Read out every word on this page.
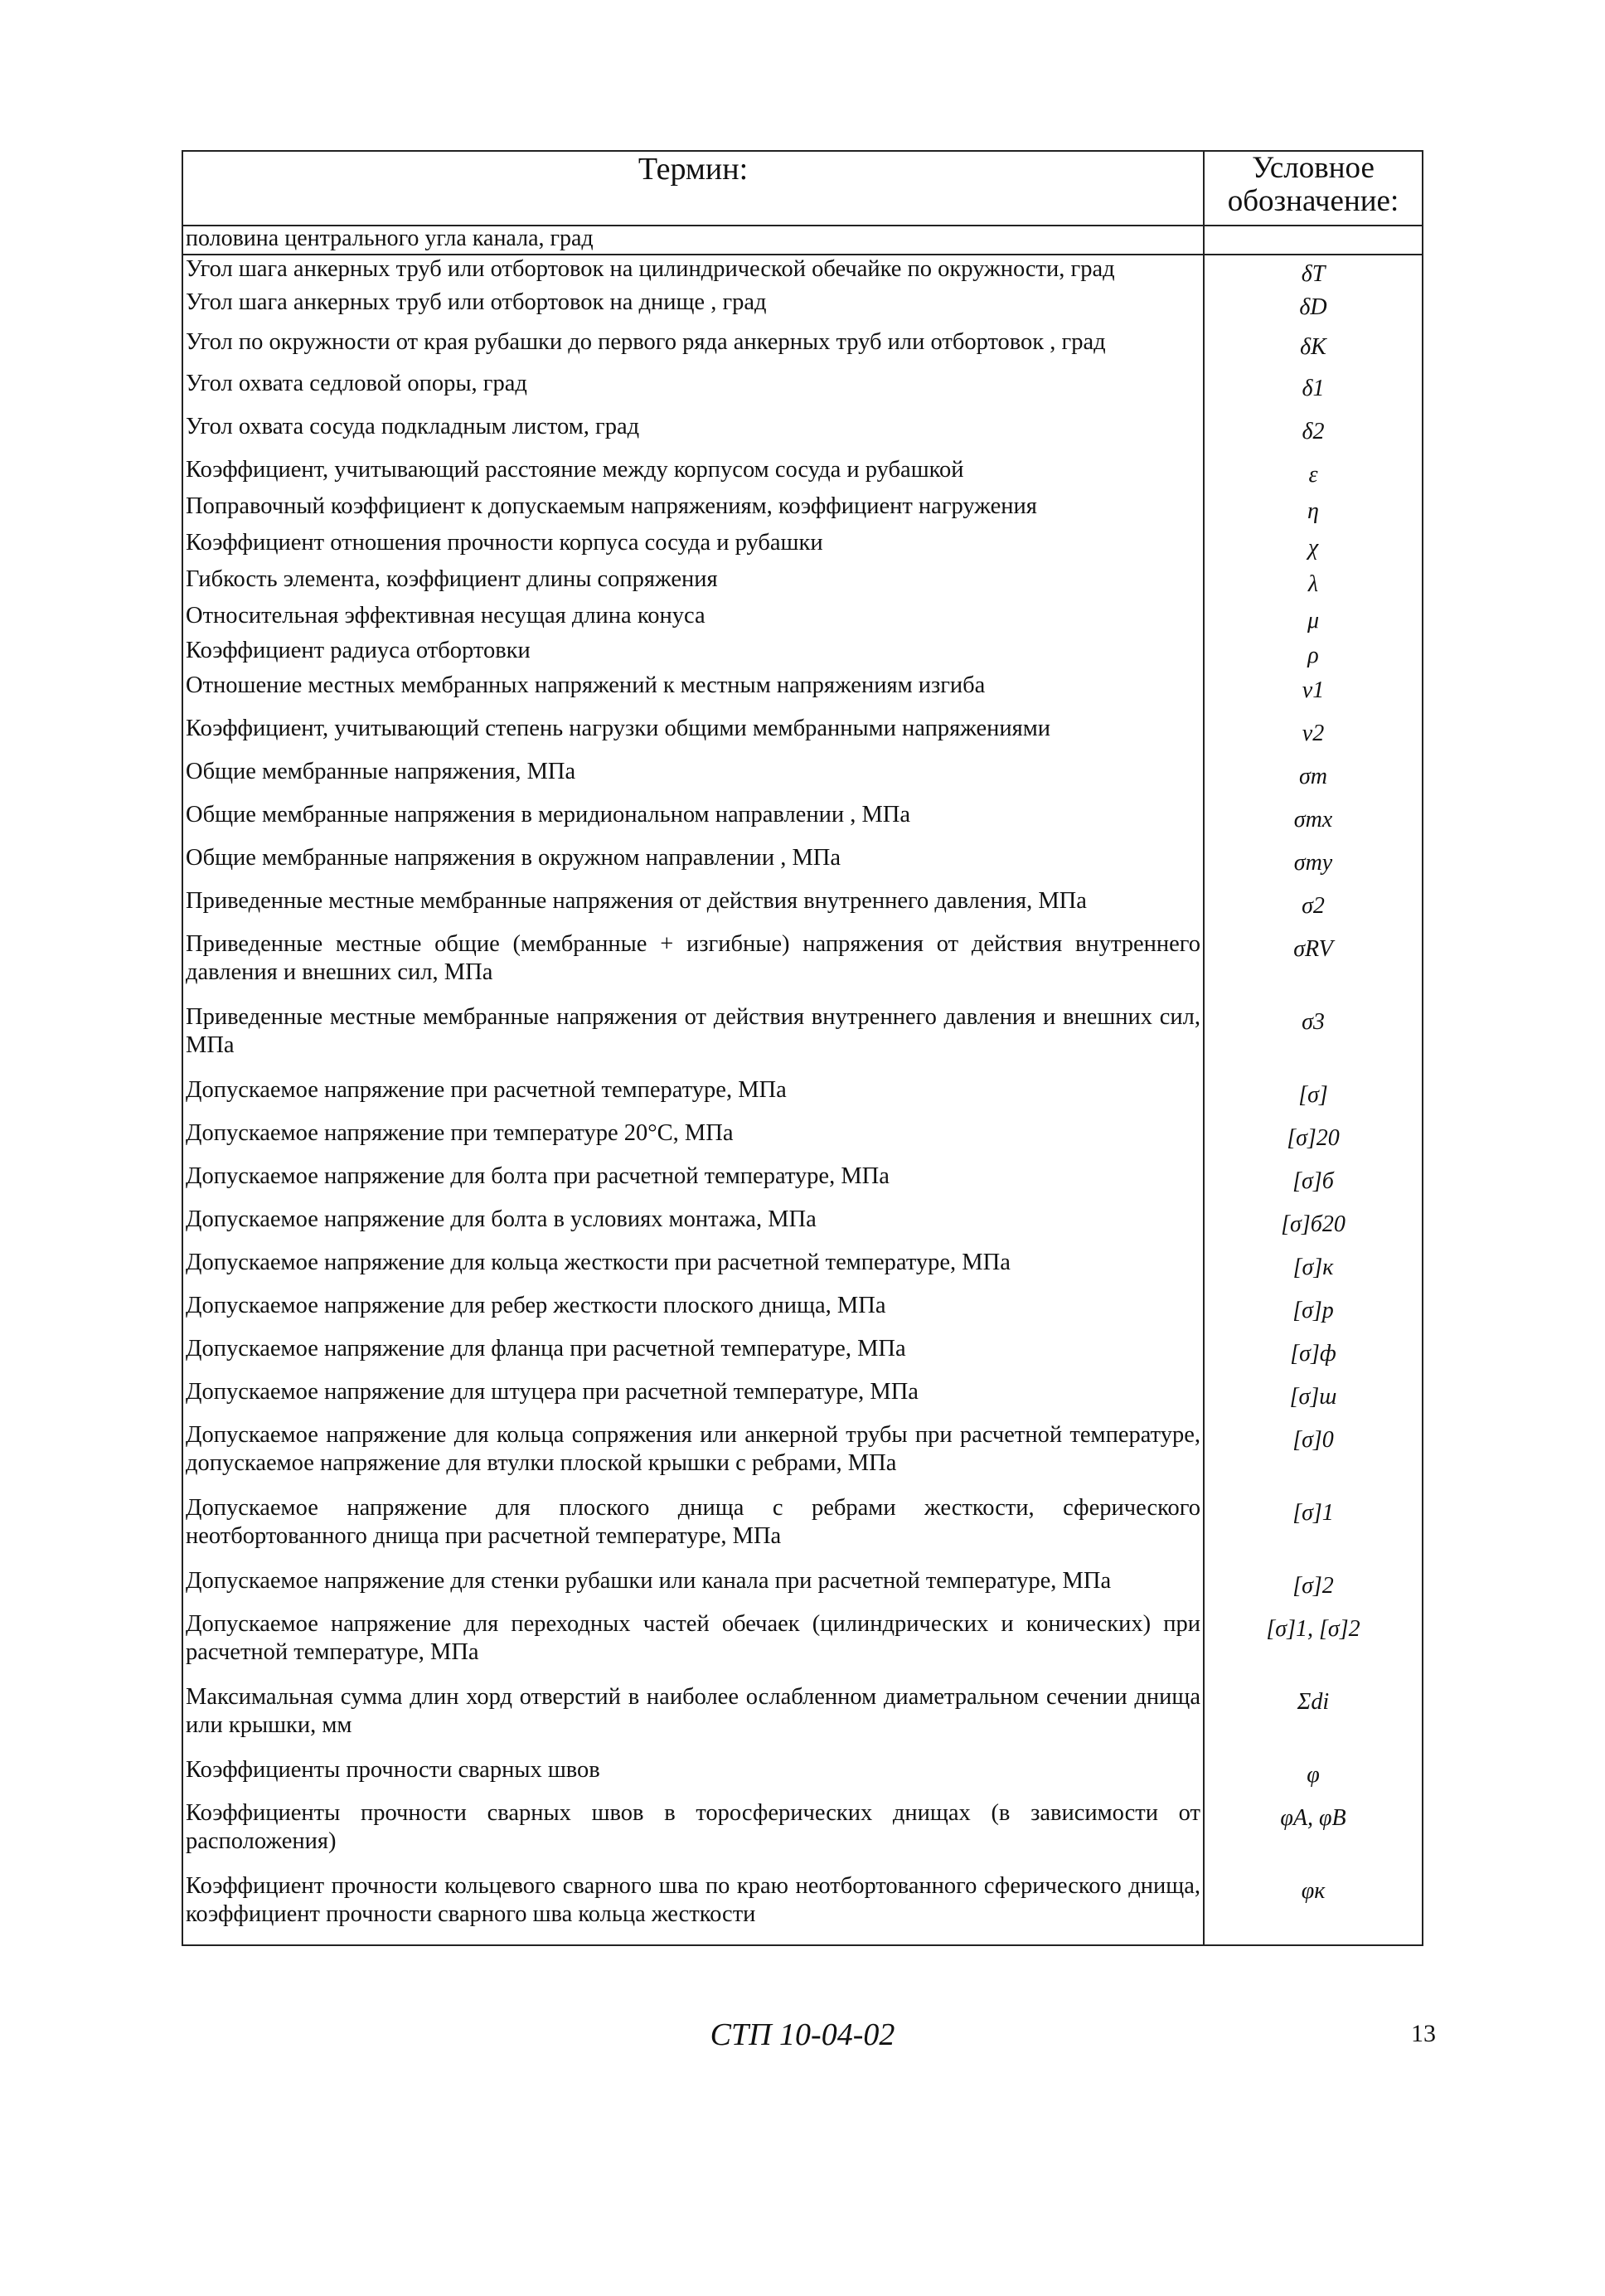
Термин:	Условное обозначение:
половина центрального угла канала, град	
Угол шага анкерных труб или отбортовок на цилиндрической обечайке по окружности, град	δT
Угол шага анкерных труб или отбортовок на днище , град	δD
Угол по окружности от края рубашки до первого ряда анкерных труб или отбортовок , град	δK
Угол охвата седловой опоры, град	δ1
Угол охвата сосуда подкладным листом, град	δ2
Коэффициент, учитывающий расстояние между корпусом сосуда и рубашкой	ε
Поправочный коэффициент к допускаемым напряжениям, коэффициент нагружения	η
Коэффициент отношения прочности корпуса сосуда и рубашки	χ
Гибкость элемента, коэффициент длины сопряжения	λ
Относительная эффективная несущая длина конуса	μ
Коэффициент радиуса отбортовки	ρ
Отношение местных мембранных напряжений к местным напряжениям изгиба	ν1
Коэффициент, учитывающий степень нагрузки общими мембранными напряжениями	ν2
Общие мембранные напряжения, МПа	σm
Общие мембранные напряжения в меридиональном направлении , МПа	σmx
Общие мембранные напряжения в окружном направлении , МПа	σmy
Приведенные местные мембранные напряжения от действия внутреннего давления, МПа	σ2
Приведенные местные общие (мембранные + изгибные) напряжения от действия внутреннего давления и внешних сил, МПа	σRV
Приведенные местные мембранные напряжения от действия внутреннего давления и внешних сил, МПа	σ3
Допускаемое напряжение при расчетной температуре, МПа	[σ]
Допускаемое напряжение при температуре 20°С, МПа	[σ]20
Допускаемое напряжение для болта при расчетной температуре, МПа	[σ]б
Допускаемое напряжение для болта в условиях монтажа, МПа	[σ]б20
Допускаемое напряжение для кольца жесткости при расчетной температуре, МПа	[σ]к
Допускаемое напряжение для ребер жесткости плоского днища, МПа	[σ]р
Допускаемое напряжение для фланца при расчетной температуре, МПа	[σ]ф
Допускаемое напряжение для штуцера при расчетной температуре, МПа	[σ]ш
Допускаемое напряжение для кольца сопряжения или анкерной трубы при расчетной температуре, допускаемое напряжение для втулки плоской крышки с ребрами, МПа	[σ]0
Допускаемое напряжение для плоского днища с ребрами жесткости, сферического неотбортованного днища при расчетной температуре, МПа	[σ]1
Допускаемое напряжение для стенки рубашки или канала при расчетной температуре, МПа	[σ]2
Допускаемое напряжение для переходных частей обечаек (цилиндрических и конических) при расчетной температуре, МПа	[σ]1, [σ]2
Максимальная сумма длин хорд отверстий в наиболее ослабленном диаметральном сечении днища или крышки, мм	Σdi
Коэффициенты прочности сварных швов	φ
Коэффициенты прочности сварных швов в торосферических днищах (в зависимости от расположения)	φA, φB
Коэффициент прочности кольцевого сварного шва по краю неотбортованного сферического днища, коэффициент прочности сварного шва кольца жесткости	φк
СТП 10-04-02	13
